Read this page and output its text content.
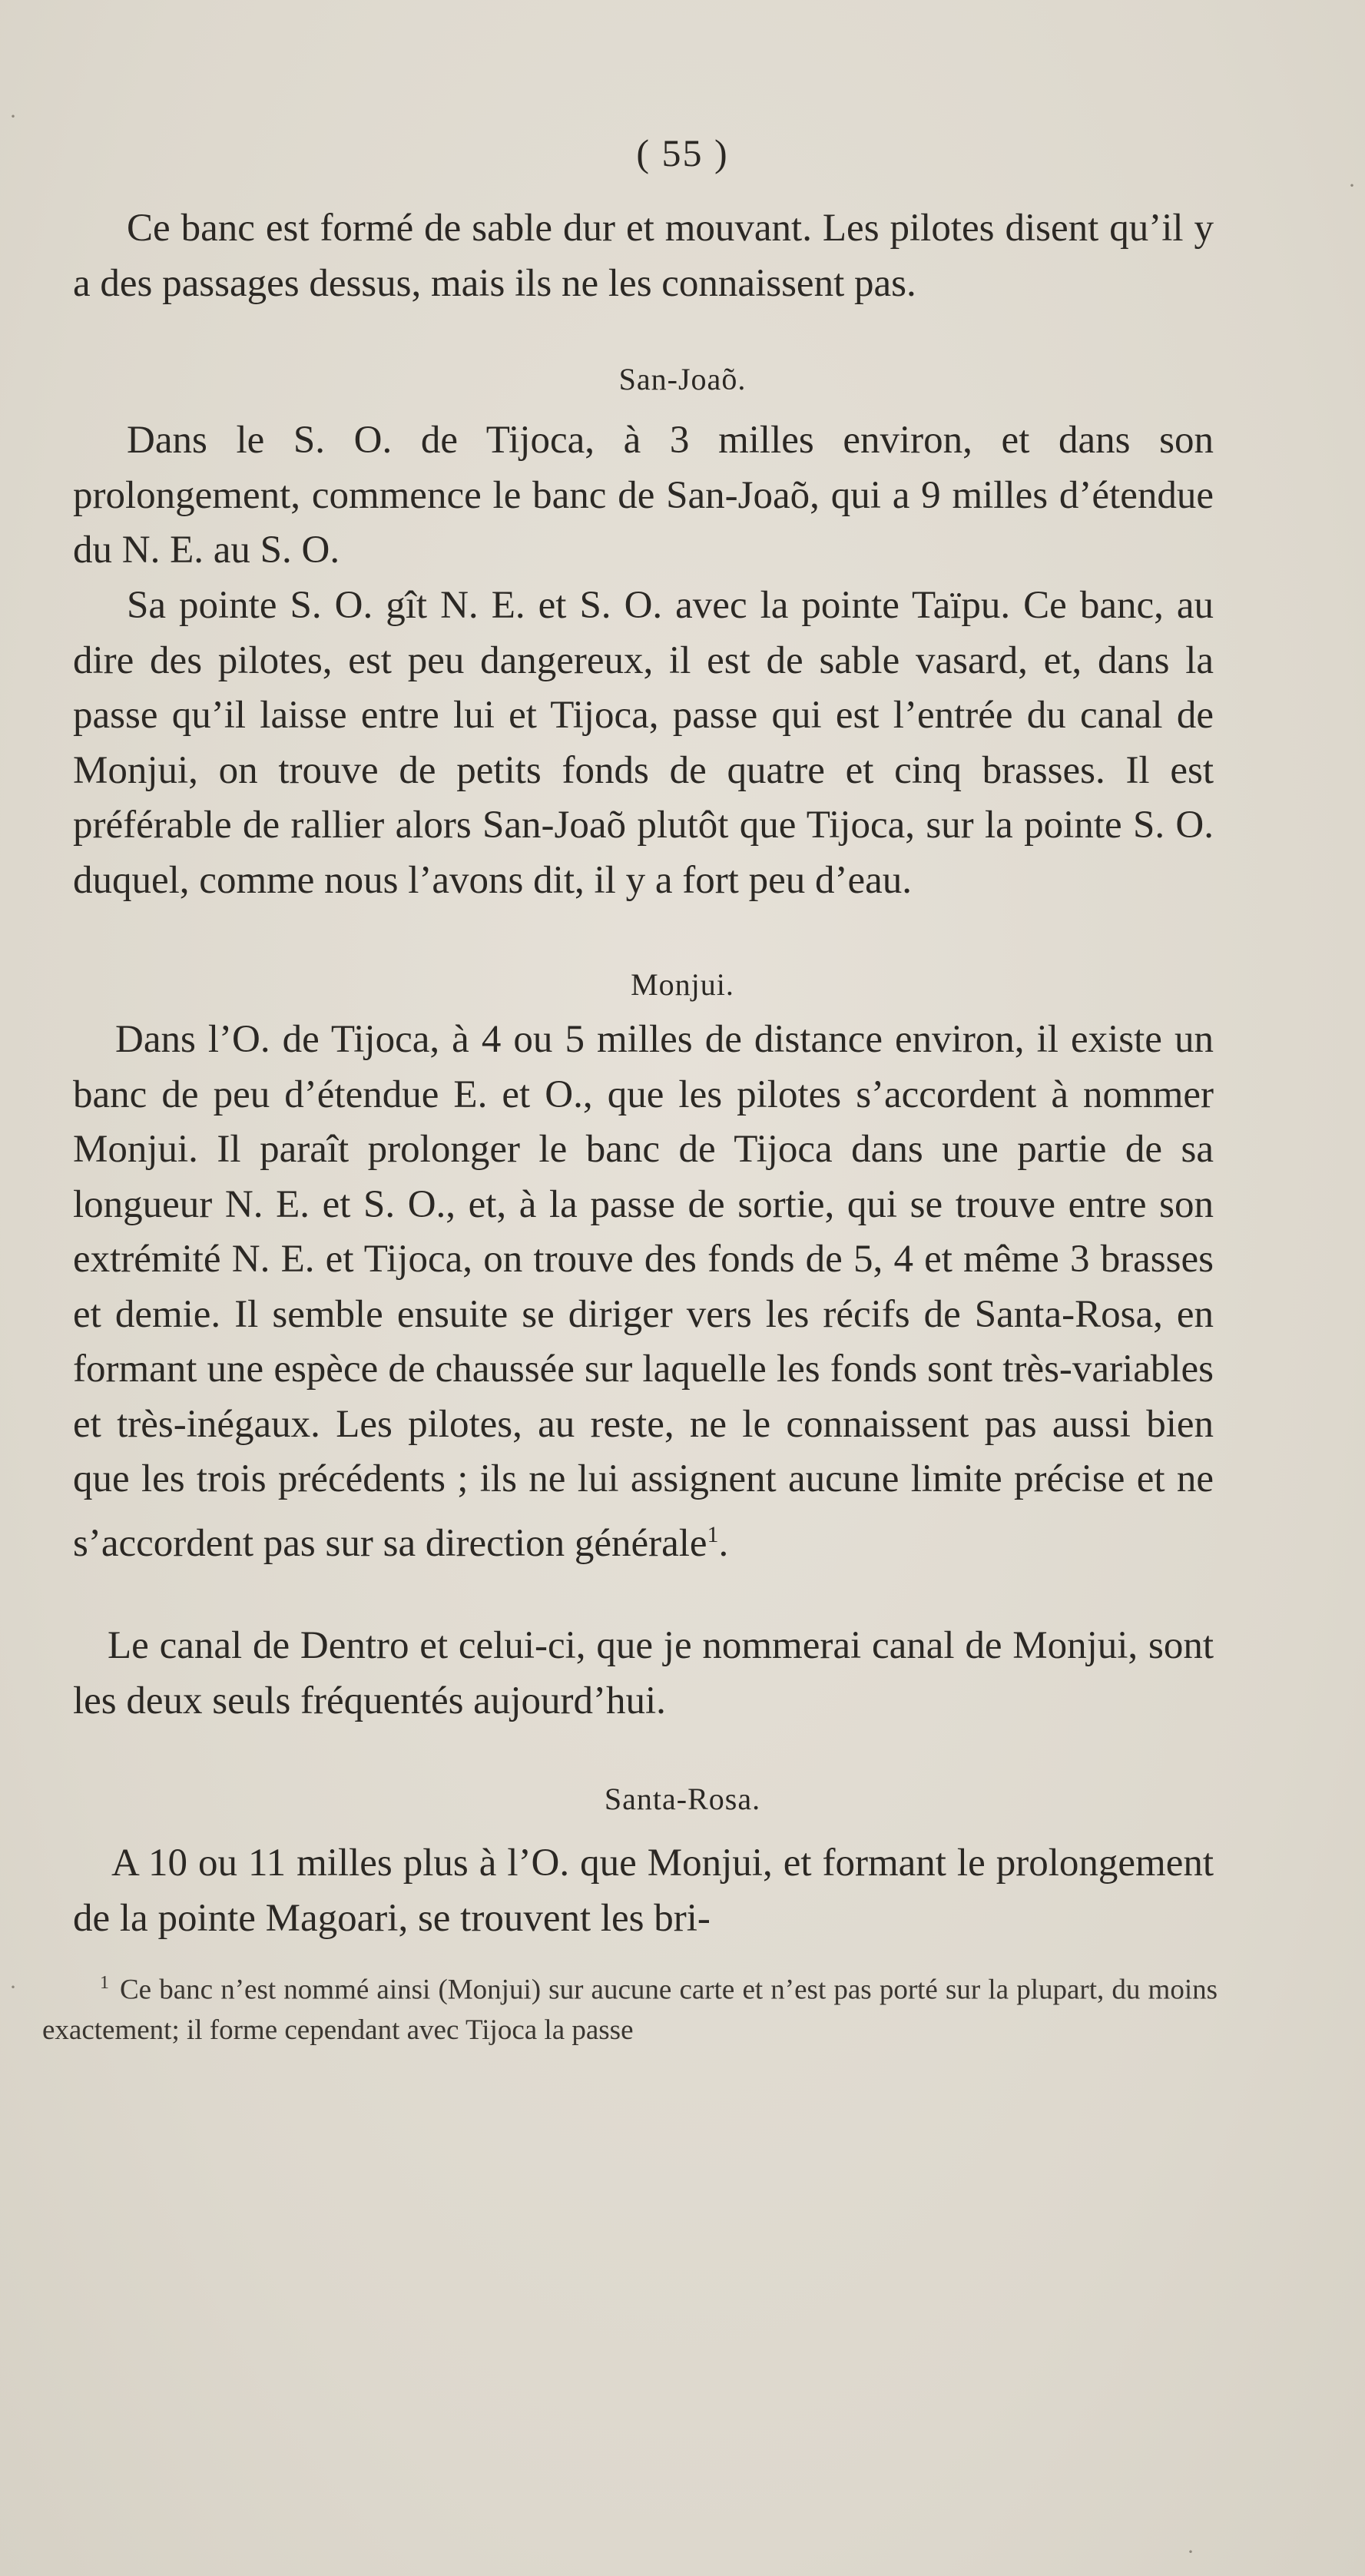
( 55 )

Ce banc est formé de sable dur et mouvant. Les pilotes disent qu’il y a des passages dessus, mais ils ne les connaissent pas.

San-Joaõ.

Dans le S. O. de Tijoca, à 3 milles environ, et dans son prolongement, commence le banc de San-Joaõ, qui a 9 milles d’étendue du N. E. au S. O.

Sa pointe S. O. gît N. E. et S. O. avec la pointe Taïpu. Ce banc, au dire des pilotes, est peu dangereux, il est de sable vasard, et, dans la passe qu’il laisse entre lui et Tijoca, passe qui est l’entrée du canal de Monjui, on trouve de petits fonds de quatre et cinq brasses. Il est préférable de rallier alors San-Joaõ plutôt que Tijoca, sur la pointe S. O. duquel, comme nous l’avons dit, il y a fort peu d’eau.

Monjui.

Dans l’O. de Tijoca, à 4 ou 5 milles de distance environ, il existe un banc de peu d’étendue E. et O., que les pilotes s’accordent à nommer Monjui. Il paraît prolonger le banc de Tijoca dans une partie de sa longueur N. E. et S. O., et, à la passe de sortie, qui se trouve entre son extrémité N. E. et Tijoca, on trouve des fonds de 5, 4 et même 3 brasses et demie. Il semble ensuite se diriger vers les récifs de Santa-Rosa, en formant une espèce de chaussée sur laquelle les fonds sont très-variables et très-inégaux. Les pilotes, au reste, ne le connaissent pas aussi bien que les trois précédents ; ils ne lui assignent aucune limite précise et ne s’accordent pas sur sa direction générale$^1$.

Le canal de Dentro et celui-ci, que je nommerai canal de Monjui, sont les deux seuls fréquentés aujourd’hui.

Santa-Rosa.

A 10 ou 11 milles plus à l’O. que Monjui, et formant le prolongement de la pointe Magoari, se trouvent les bri-

$^1$ Ce banc n’est nommé ainsi (Monjui) sur aucune carte et n’est pas porté sur la plupart, du moins exactement; il forme cependant avec Tijoca la passe

·
·
·
·
